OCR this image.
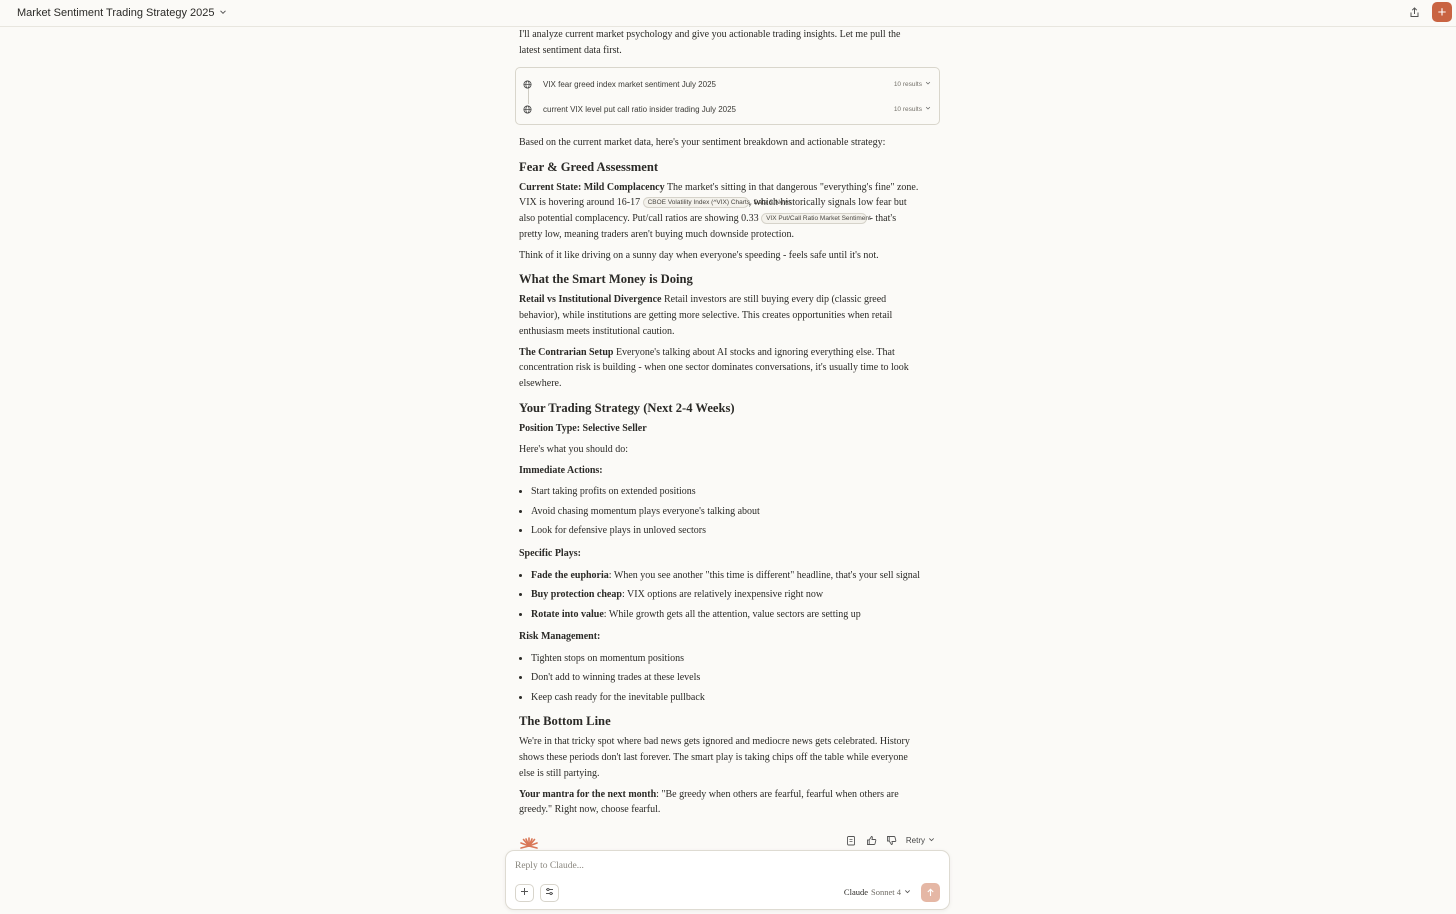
Market Sentiment Trading Strategy 2025	+

I'll analyze current market psychology and give you actionable trading insights. Let me pull the latest sentiment data first.

VIX fear greed index market sentiment July 2025	10 results
current VIX level put call ratio insider trading July 2025	10 results

Based on the current market data, here's your sentiment breakdown and actionable strategy:

Fear & Greed Assessment

Current State: Mild Complacency The market's sitting in that dangerous "everything's fine" zone. VIX is hovering around 16-17 CBOE Volatility Index (^VIX) Charts, Data & News, which historically signals low fear but also potential complacency. Put/call ratios are showing 0.33 VIX Put/Call Ratio Market Sentiment - that's pretty low, meaning traders aren't buying much downside protection.

Think of it like driving on a sunny day when everyone's speeding - feels safe until it's not.

What the Smart Money is Doing

Retail vs Institutional Divergence Retail investors are still buying every dip (classic greed behavior), while institutions are getting more selective. This creates opportunities when retail enthusiasm meets institutional caution.

The Contrarian Setup Everyone's talking about AI stocks and ignoring everything else. That concentration risk is building - when one sector dominates conversations, it's usually time to look elsewhere.

Your Trading Strategy (Next 2-4 Weeks)

Position Type: Selective Seller

Here's what you should do:

Immediate Actions:

• Start taking profits on extended positions
• Avoid chasing momentum plays everyone's talking about
• Look for defensive plays in unloved sectors

Specific Plays:

• Fade the euphoria: When you see another "this time is different" headline, that's your sell signal
• Buy protection cheap: VIX options are relatively inexpensive right now
• Rotate into value: While growth gets all the attention, value sectors are setting up

Risk Management:

• Tighten stops on momentum positions
• Don't add to winning trades at these levels
• Keep cash ready for the inevitable pullback
The Bottom Line

We're in that tricky spot where bad news gets ignored and mediocre news gets celebrated. History shows these periods don't last forever. The smart play is taking chips off the table while everyone else is still partying.

Your mantra for the next month: "Be greedy when others are fearful, fearful when others are greedy." Right now, choose fearful.

Retry
Reply to Claude...
Claude Sonnet 4
